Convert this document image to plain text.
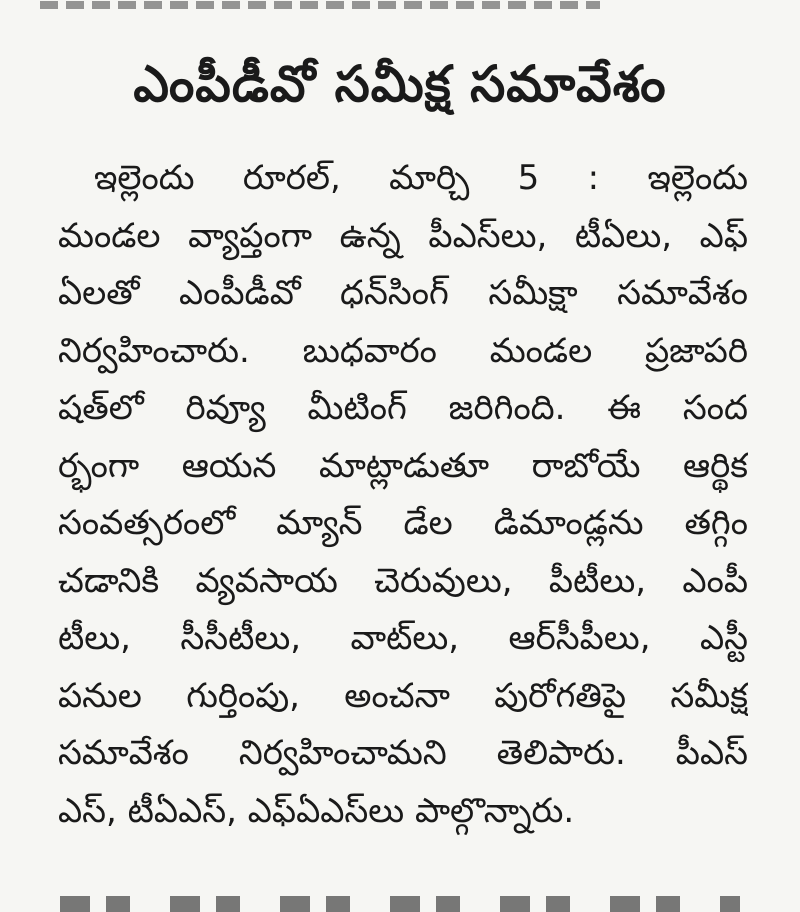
ఎంపీడీవో సమీక్ష సమావేశం
ఇల్లెందు రూరల్, మార్చి 5 : ఇల్లెందు
మండల వ్యాప్తంగా ఉన్న పీఎస్‌లు, టీఏలు, ఎఫ్
ఏలతో ఎంపీడీవో ధన్‌సింగ్ సమీక్షా సమావేశం
నిర్వహించారు. బుధవారం మండల ప్రజాపరి
షత్‌లో రివ్యూ మీటింగ్ జరిగింది. ఈ సంద
ర్భంగా ఆయన మాట్లాడుతూ రాబోయే ఆర్థిక
సంవత్సరంలో మ్యాన్ డేల డిమాండ్లను తగ్గిం
చడానికి వ్యవసాయ చెరువులు, పీటీలు, ఎంపీ
టీలు, సీసీటీలు, వాట్‌లు, ఆర్‌సీపీలు, ఎస్టీ
పనుల గుర్తింపు, అంచనా పురోగతిపై సమీక్ష
సమావేశం నిర్వహించామని తెలిపారు. పీఎస్
ఎస్, టీఏఎస్, ఎఫ్ఏఎస్‌లు పాల్గొన్నారు.
